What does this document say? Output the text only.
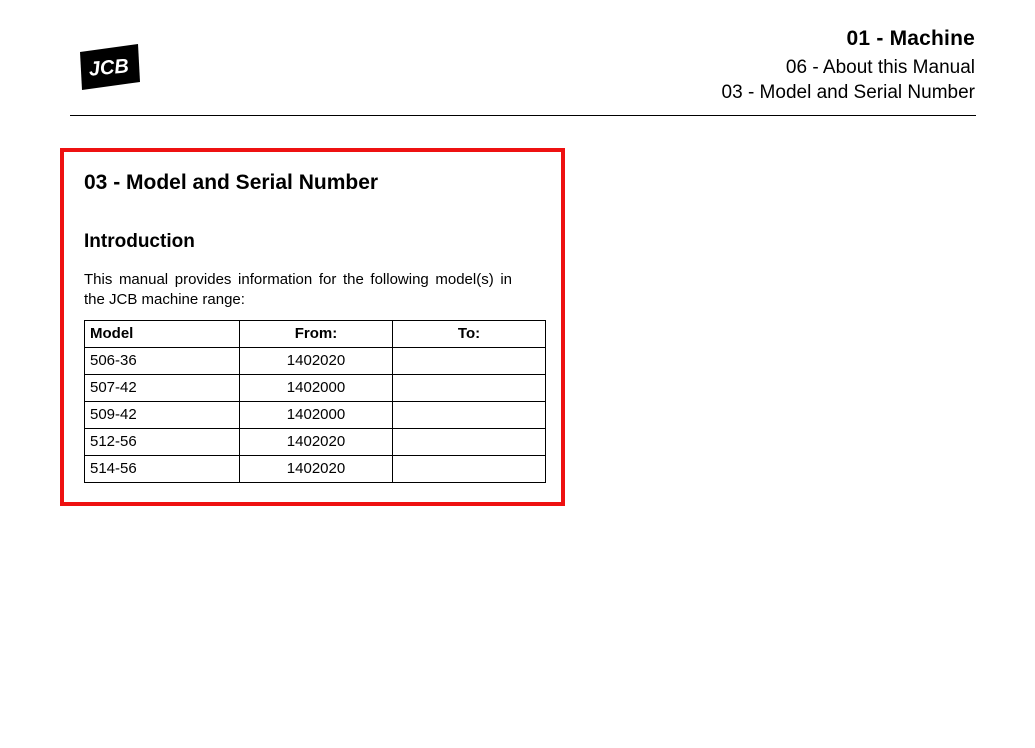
JCB
01 - Machine
06 - About this Manual
03 - Model and Serial Number
03 - Model and Serial Number
Introduction

This manual provides information for the following model(s) in the JCB machine range:

Model	From:	To:
506-36	1402020	
507-42	1402000	
509-42	1402000	
512-56	1402020	
514-56	1402020	
